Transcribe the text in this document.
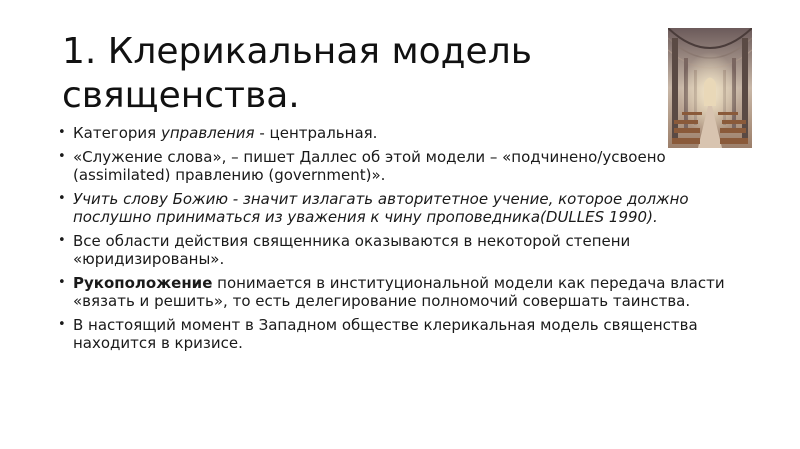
1. Клерикальная модель священства.
• Категория управления - центральная.
• «Служение слова», – пишет Даллес об этой модели – «подчинено/усвоено (assimilated) правлению (government)».
• Учить слову Божию - значит излагать авторитетное учение, которое должно послушно приниматься из уважения к чину проповедника(DULLES 1990).
• Все области действия священника оказываются в некоторой степени «юридизированы».
• Рукоположение понимается в институциональной модели как передача власти «вязать и решить», то есть делегирование полномочий совершать таинства.
• В настоящий момент в Западном обществе клерикальная модель священства находится в кризисе.
